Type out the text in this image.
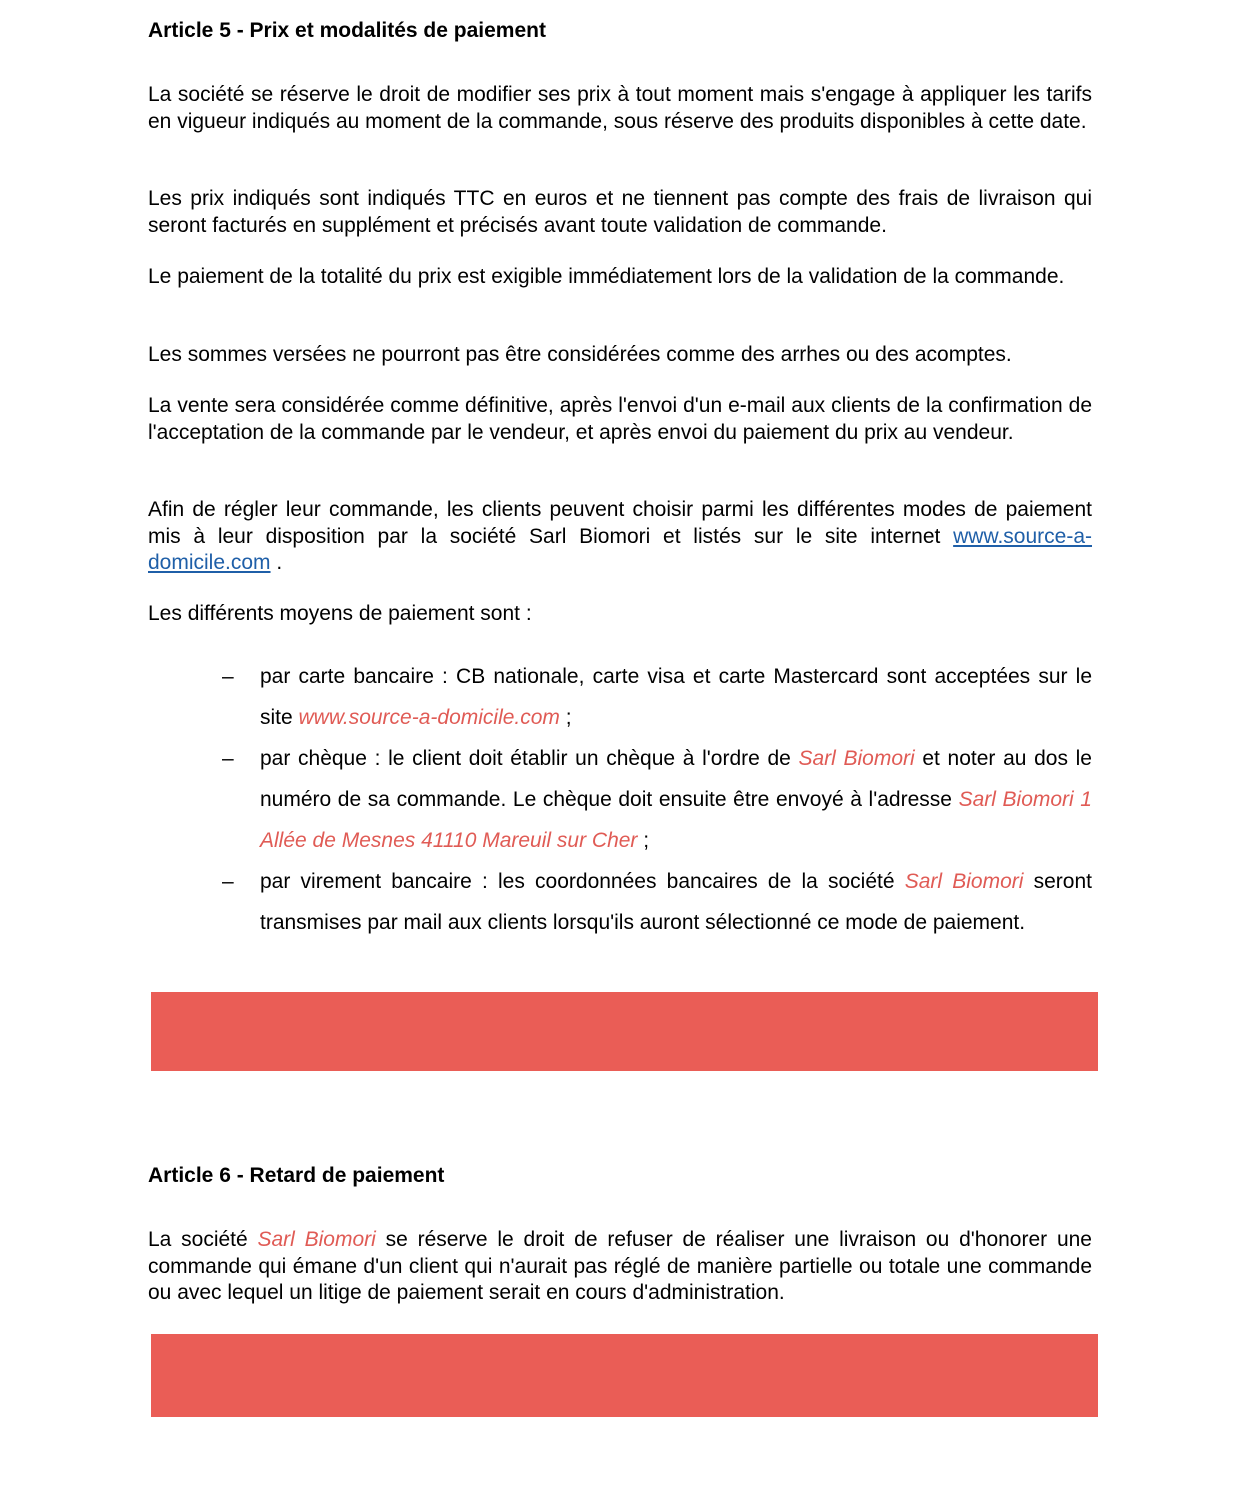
Article 5 - Prix et modalités de paiement

La société se réserve le droit de modifier ses prix à tout moment mais s'engage à appliquer les tarifs en vigueur indiqués au moment de la commande, sous réserve des produits disponibles à cette date.

Les prix indiqués sont indiqués TTC en euros et ne tiennent pas compte des frais de livraison qui seront facturés en supplément et précisés avant toute validation de commande.

Le paiement de la totalité du prix est exigible immédiatement lors de la validation de la commande.

Les sommes versées ne pourront pas être considérées comme des arrhes ou des acomptes.

La vente sera considérée comme définitive, après l'envoi d'un e-mail aux clients de la confirmation de l'acceptation de la commande par le vendeur, et après envoi du paiement du prix au vendeur.

Afin de régler leur commande, les clients peuvent choisir parmi les différentes modes de paiement mis à leur disposition par la société Sarl Biomori et listés sur le site internet www.source-a-domicile.com .

Les différents moyens de paiement sont :

– par carte bancaire : CB nationale, carte visa et carte Mastercard sont acceptées sur le site www.source-a-domicile.com ;
– par chèque : le client doit établir un chèque à l'ordre de Sarl Biomori et noter au dos le numéro de sa commande. Le chèque doit ensuite être envoyé à l'adresse Sarl Biomori 1 Allée de Mesnes 41110 Mareuil sur Cher ;
– par virement bancaire : les coordonnées bancaires de la société Sarl Biomori seront transmises par mail aux clients lorsqu'ils auront sélectionné ce mode de paiement.
Article 6 - Retard de paiement

La société Sarl Biomori se réserve le droit de refuser de réaliser une livraison ou d'honorer une commande qui émane d'un client qui n'aurait pas réglé de manière partielle ou totale une commande ou avec lequel un litige de paiement serait en cours d'administration.
